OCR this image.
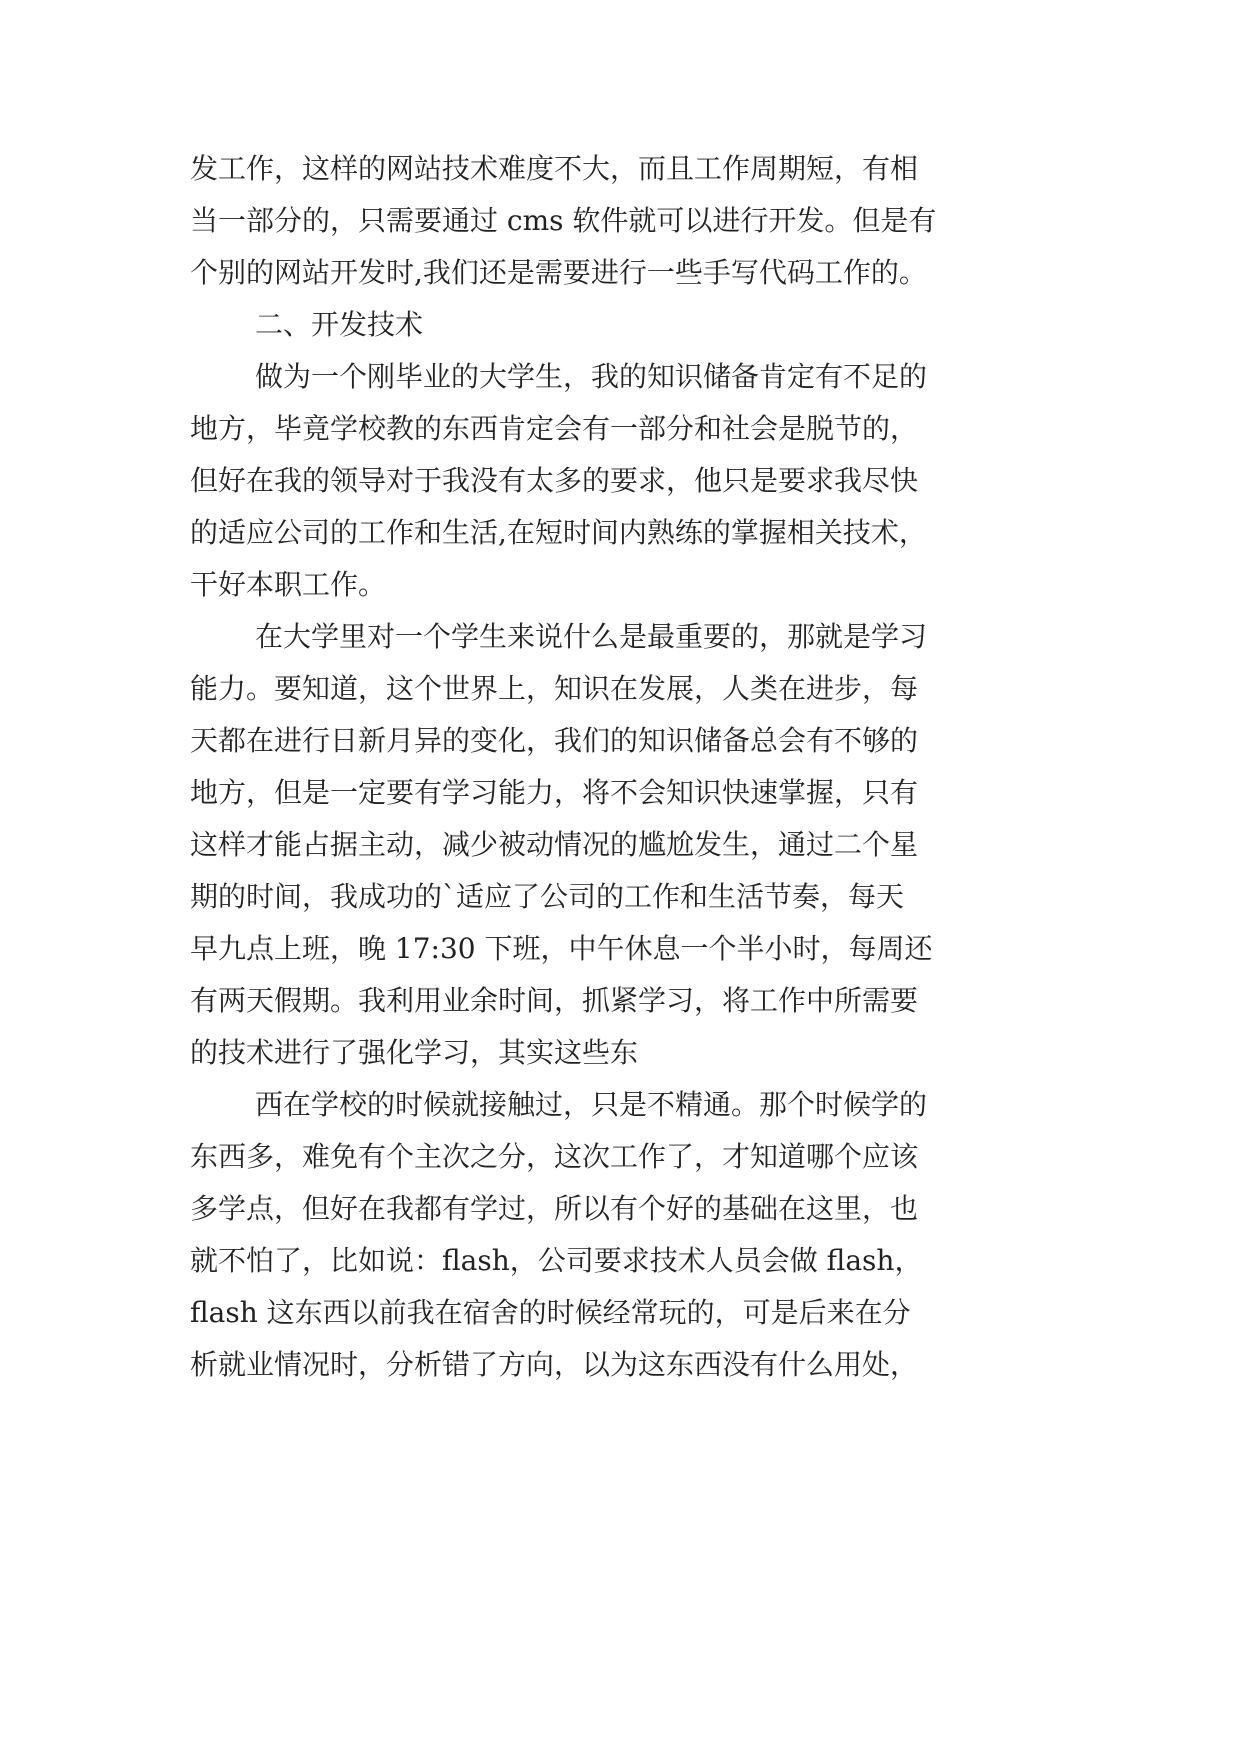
发工作，这样的网站技术难度不大，而且工作周期短，有相

当一部分的，只需要通过 cms 软件就可以进行开发。但是有

个别的网站开发时,我们还是需要进行一些手写代码工作的。

二、开发技术

做为一个刚毕业的大学生，我的知识储备肯定有不足的

地方，毕竟学校教的东西肯定会有一部分和社会是脱节的，

但好在我的领导对于我没有太多的要求，他只是要求我尽快

的适应公司的工作和生活,在短时间内熟练的掌握相关技术，

干好本职工作。

在大学里对一个学生来说什么是最重要的，那就是学习

能力。要知道，这个世界上，知识在发展，人类在进步，每

天都在进行日新月异的变化，我们的知识储备总会有不够的

地方，但是一定要有学习能力，将不会知识快速掌握，只有

这样才能占据主动，减少被动情况的尴尬发生，通过二个星

期的时间，我成功的`适应了公司的工作和生活节奏，每天

早九点上班，晚 17:30 下班，中午休息一个半小时，每周还

有两天假期。我利用业余时间，抓紧学习，将工作中所需要

的技术进行了强化学习，其实这些东

西在学校的时候就接触过，只是不精通。那个时候学的

东西多，难免有个主次之分，这次工作了，才知道哪个应该

多学点，但好在我都有学过，所以有个好的基础在这里，也

就不怕了，比如说：flash，公司要求技术人员会做 flash，

flash 这东西以前我在宿舍的时候经常玩的，可是后来在分

析就业情况时，分析错了方向，以为这东西没有什么用处，
